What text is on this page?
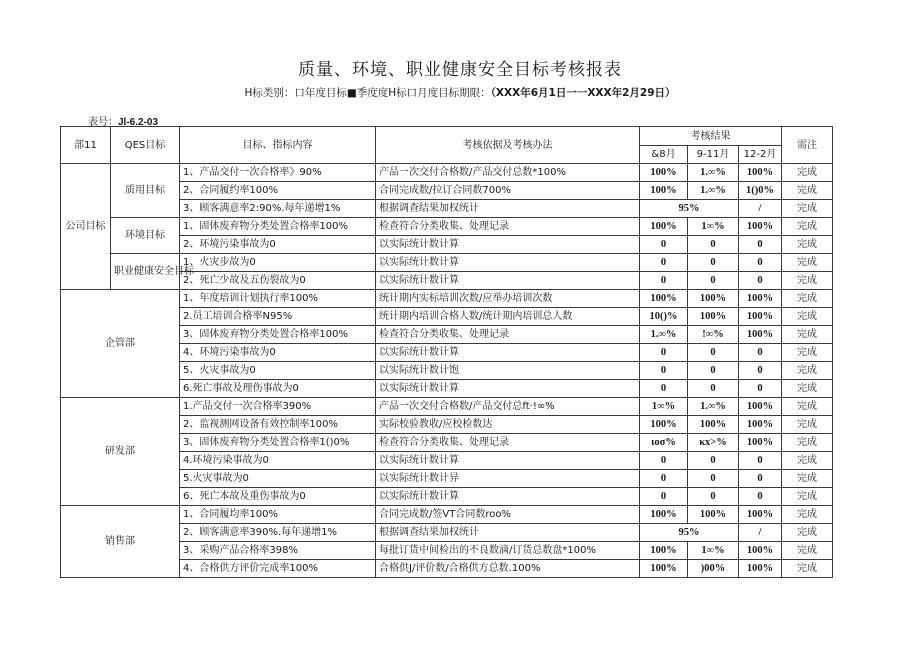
质量、环境、职业健康安全目标考核报表
H标类别：口年度目标■季度度H标口月度目标期限：（XXX年6月1日一一XXX年2月29日）
表号：Jl-6.2-03
部11	QES目标	目标、指标内容	考核依据及考核办法	考核结果			需注
				&8月	9-11月	12-2月	
公司目标	质用目标	1、产品交付一次合格率》90%	产品一次交付合格数/产品交付总数*100%	100%	1.∞%	100%	完成
		2、合同履约率100%	合同完成数/拉订合同数700%	100%	1.∞%	1()0%	完成
		3、顾客满意率2:90%.每年递增1%	根据调查结果加权统计	95%		/	完成
	环境目标	1、固体废弃物分类处置合格率100%	检查符合分类收集、处理记录	100%	1∞%	100%	完成
		2、环境污染事故为0	以实际统计数计算	0	0	0	完成
	职业健康安全目标	1、火灾步故为0	以实际统计数计算	0	0	0	完成
		2、死亡少故及五伤裂故为0	以实际统计数计算	0	0	0	完成
企管部		1、年度培训计划执行率100%	统计期内实标培训次数/应举办培训次数	100%	100%	100%	完成
		2.员工培训合格率N95%	统计期内培训合格人数/统计期内培训总人数	10()%	100%	100%	完成
		3、固体废弃物分类处置合格率100%	检查符合分类收集、处理记录	1.∞%	!∞%	100%	完成
		4、环境污染事故为0	以实际统计数计算	0	0	0	完成
		5、火灾事故为0	以实际统计数计饱	0	0	0	完成
		6.死亡事故及理伤事故为0	以实际统计数计算	0	0	0	完成
研发部		1.产品交付一次合格率390%	产品一次交付合格数/产品交付总ft·!∞%	1∞%	1.∞%	100%	完成
		2、监视测网设备有效控制率100%	实际校验教收/应校检数达	100%	100%	100%	完成
		3、固体废弃物分类处置合格率1()0%	检查符合分类收集、处理记录	ιoσ%	κx>%	100%	完成
		4.环境污染事故为0	以实际统计数计算	0	0	0	完成
		5.火灾事故为0	以实际统计数计异	0	0	0	完成
		6、死亡本故及重伤事故为0	以实际统计数计算	0	0	0	完成
销售部		1、合同履均率100%	合同完成数/签VT合同数roo%	100%	100%	100%	完成
		2、顾客满意率390%.每年递增1%	根据调查结果加权统计	95%		/	完成
		3、采购产品合格率398%	每批订货中间检出的不良数滴/订货总数盘*100%	100%	1∞%	100%	完成
		4、合格供方评价完成率100%	合格供J/评价数/合格供方总数.100%	100%	)00%	100%	完成
